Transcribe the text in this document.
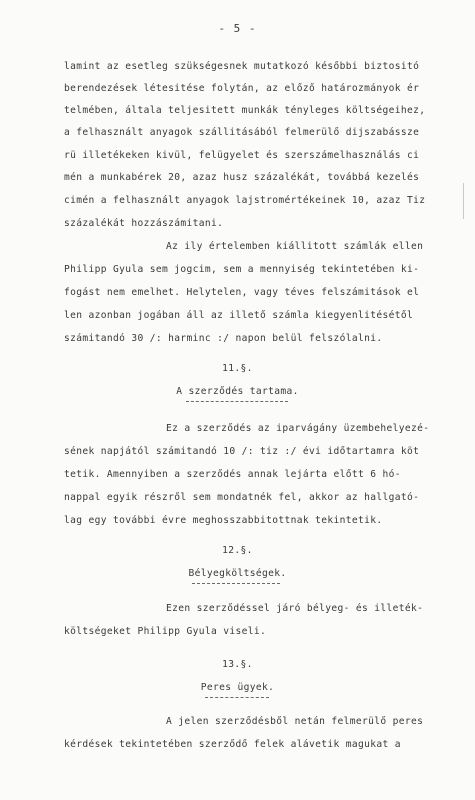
- 5 -
lamint az esetleg szükségesnek mutatkozó későbbi biztositó
berendezések létesitése folytán, az előző határozmányok ér
telmében, általa teljesitett munkák tényleges költségeihez,
a felhasznált anyagok szállitásából felmerülő dijszabássze
rü illetékeken kivül, felügyelet és szerszámelhasználás ci
mén a munkabérek 20, azaz husz százalékát, továbbá kezelés
cimén a felhasznált anyagok lajstromértékeinek 10, azaz Tiz
százalékát hozzászámitani.
Az ily értelemben kiállitott számlák ellen
Philipp Gyula sem jogcim, sem a mennyiség tekintetében ki-
fogást nem emelhet. Helytelen, vagy téves felszámitások el
len azonban jogában áll az illető számla kiegyenlitésétől
számitandó 30 /: harminc :/ napon belül felszólalni.
11.§.
A szerződés tartama.
Ez a szerződés az iparvágány üzembehelyezé-
sének napjától számitandó 10 /: tiz :/ évi időtartamra köt
tetik. Amennyiben a szerződés annak lejárta előtt 6 hó-
nappal egyik részről sem mondatnék fel, akkor az hallgató-
lag egy további évre meghosszabbitottnak tekintetik.
12.§.
Bélyegköltségek.
Ezen szerződéssel járó bélyeg- és illeték-
költségeket Philipp Gyula viseli.
13.§.
Peres ügyek.
A jelen szerződésből netán felmerülő peres
kérdések tekintetében szerződő felek alávetik magukat a
